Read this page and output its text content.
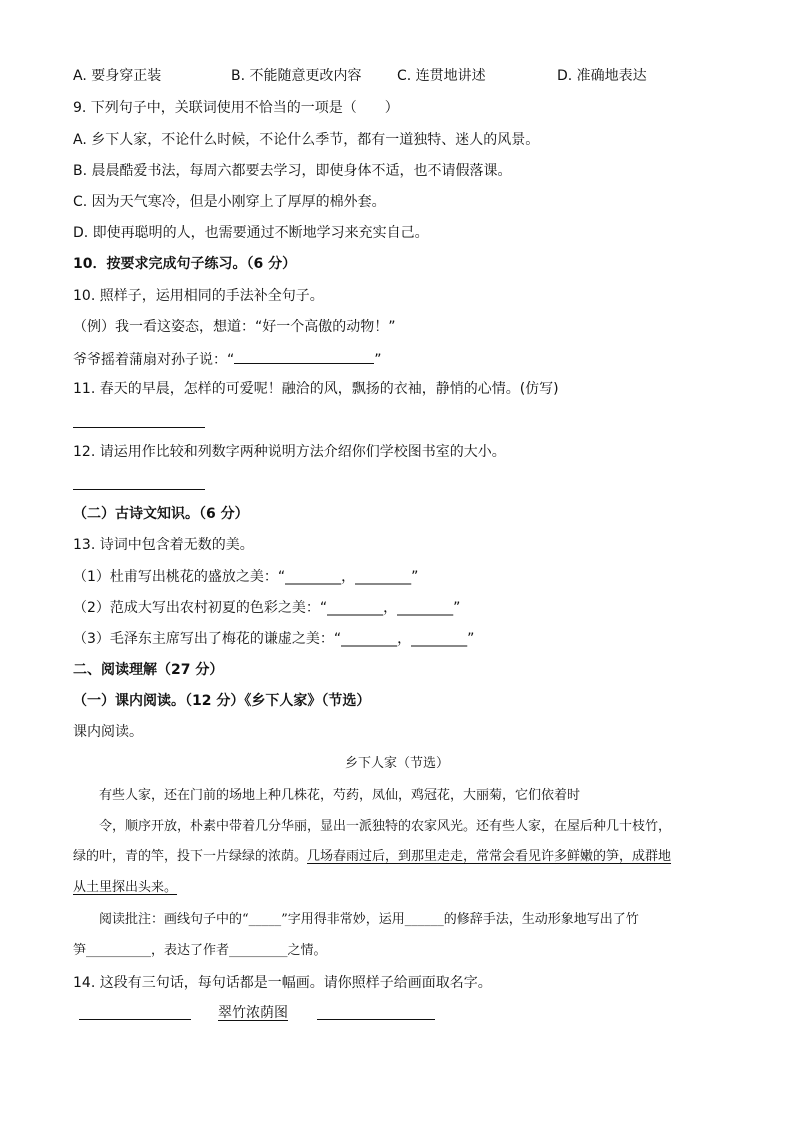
A. 要身穿正装	B. 不能随意更改内容	C. 连贯地讲述	D. 准确地表达
9. 下列句子中，关联词使用不恰当的一项是（　　）
A. 乡下人家，不论什么时候，不论什么季节，都有一道独特、迷人的风景。
B. 晨晨酷爱书法，每周六都要去学习，即使身体不适，也不请假落课。
C. 因为天气寒冷，但是小刚穿上了厚厚的棉外套。
D. 即使再聪明的人，也需要通过不断地学习来充实自己。
10．按要求完成句子练习。（6 分）
10. 照样子，运用相同的手法补全句子。
（例）我一看这姿态，想道：“好一个高傲的动物！”
爷爷摇着蒲扇对孙子说：“	”
11. 春天的早晨，怎样的可爱呢！融洽的风，飘扬的衣袖，静悄的心情。(仿写)
12. 请运用作比较和列数字两种说明方法介绍你们学校图书室的大小。
（二）古诗文知识。（6 分）
13. 诗词中包含着无数的美。
（1）杜甫写出桃花的盛放之美：“________，________”
（2）范成大写出农村初夏的色彩之美：“________，________”
（3）毛泽东主席写出了梅花的谦虚之美：“________，________”
二、阅读理解（27 分）
（一）课内阅读。（12 分）《乡下人家》（节选）
课内阅读。
乡下人家（节选）
有些人家，还在门前的场地上种几株花，芍药，凤仙，鸡冠花，大丽菊，它们依着时
令，顺序开放，朴素中带着几分华丽，显出一派独特的农家风光。还有些人家，在屋后种几十枝竹，
绿的叶，青的竿，投下一片绿绿的浓荫。几场春雨过后，到那里走走，常常会看见许多鲜嫩的笋，成群地
从土里探出头来。
阅读批注：画线句子中的“_____”字用得非常妙，运用______的修辞手法，生动形象地写出了竹
笋__________，表达了作者_________之情。
14. 这段有三句话，每句话都是一幅画。请你照样子给画面取名字。
翠竹浓荫图
